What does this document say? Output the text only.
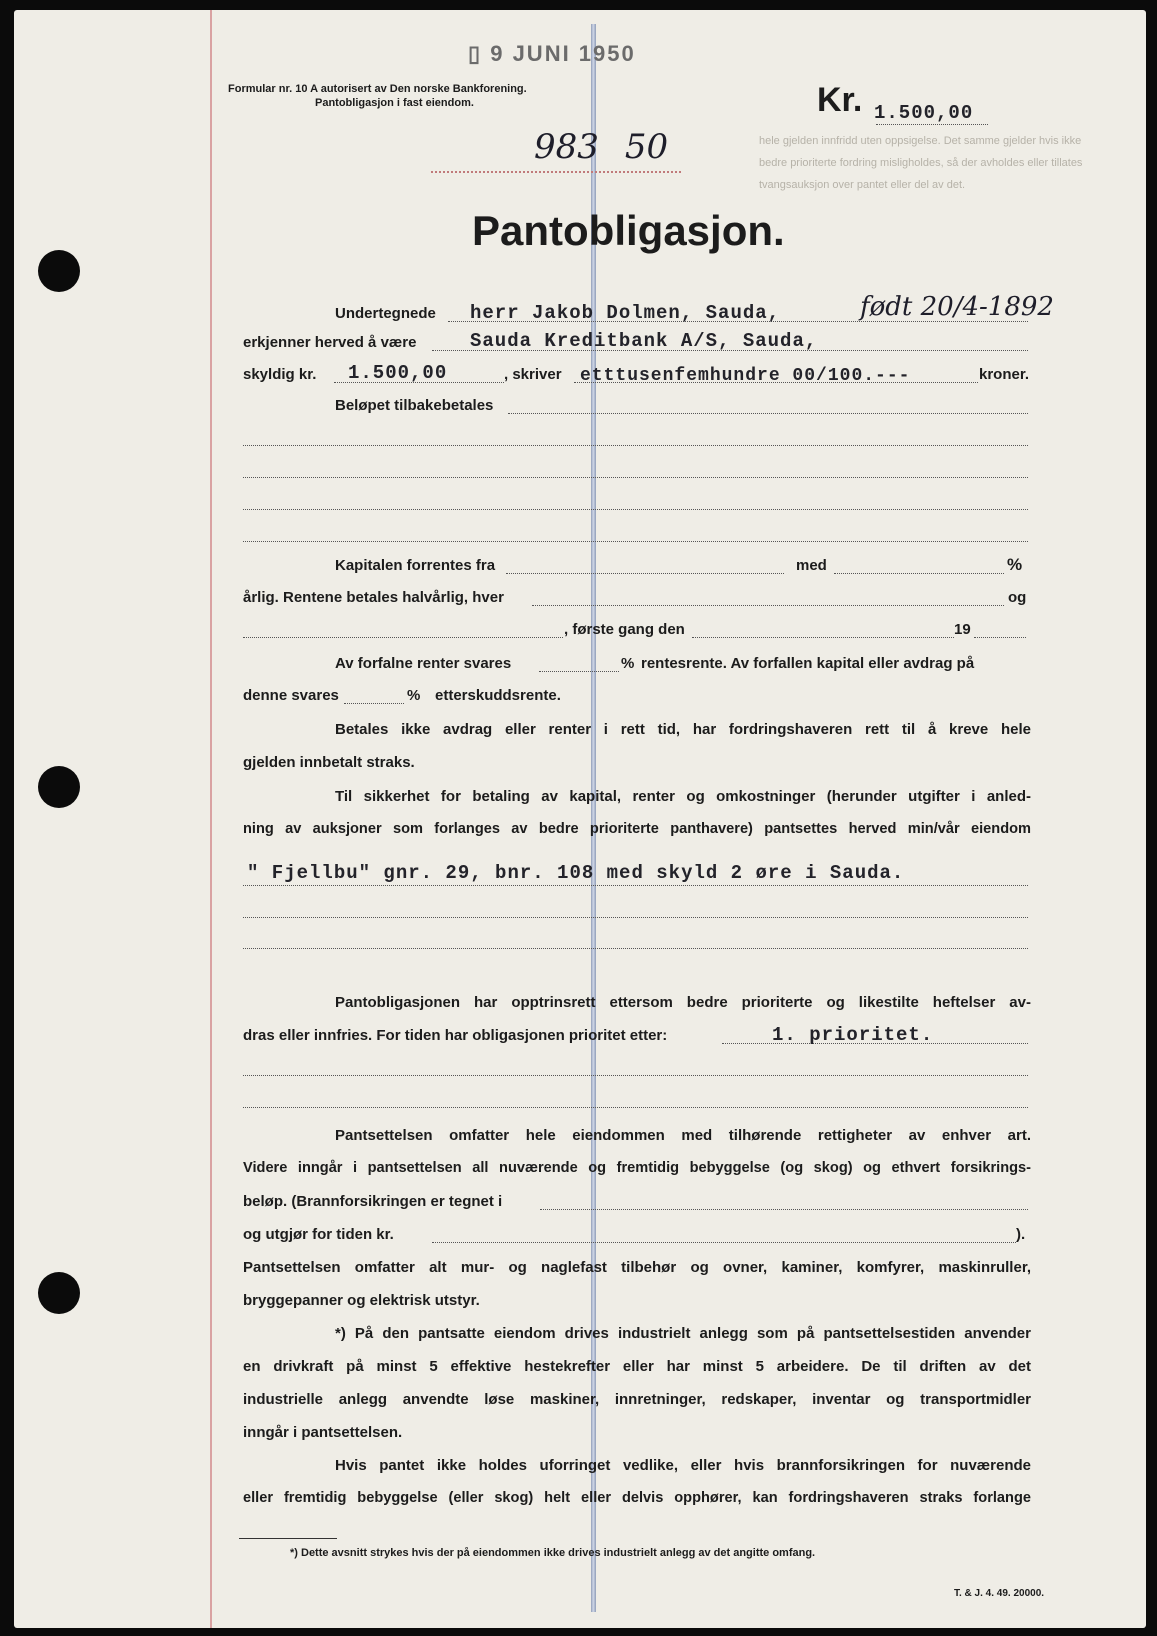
hele gjelden innfridd uten oppsigelse. Det samme gjelder hvis ikke bedre prioriterte fordring misligholdes, så der avholdes eller tillates tvangsauksjon over pantet eller del av det.
▯ 9 JUNI 1950
983 50
Formular nr. 10 A autorisert av Den norske Bankforening.
Pantobligasjon i fast eiendom.	Kr. 1.500,00
Pantobligasjon.
Undertegnede herr Jakob Dolmen, Sauda,	født 20/4-1892
erkjenner herved å være	Sauda Kreditbank A/S, Sauda,
skyldig kr. 1.500,00	, skriver etttusenfemhundre 00/100.---	kroner.
Beløpet tilbakebetales
Kapitalen forrentes fra	med	%
årlig. Rentene betales halvårlig, hver	og
, første gang den	19
Av forfalne renter svares	% rentesrente. Av forfallen kapital eller avdrag på
denne svares	% etterskuddsrente.
Betales ikke avdrag eller renter i rett tid, har fordringshaveren rett til å kreve hele
gjelden innbetalt straks.
Til sikkerhet for betaling av kapital, renter og omkostninger (herunder utgifter i anled-
ning av auksjoner som forlanges av bedre prioriterte panthavere) pantsettes herved min/vår eiendom
" Fjellbu" gnr. 29, bnr. 108 med skyld 2 øre i Sauda.
Pantobligasjonen har opptrinsrett ettersom bedre prioriterte og likestilte heftelser av-
dras eller innfries. For tiden har obligasjonen prioritet etter:	1. prioritet.
Pantsettelsen omfatter hele eiendommen med tilhørende rettigheter av enhver art.
Videre inngår i pantsettelsen all nuværende og fremtidig bebyggelse (og skog) og ethvert forsikrings-
beløp. (Brannforsikringen er tegnet i
og utgjør for tiden kr.	).
Pantsettelsen omfatter alt mur- og naglefast tilbehør og ovner, kaminer, komfyrer, maskinruller,
bryggepanner og elektrisk utstyr.
*) På den pantsatte eiendom drives industrielt anlegg som på pantsettelsestiden anvender
en drivkraft på minst 5 effektive hestekrefter eller har minst 5 arbeidere. De til driften av det
industrielle anlegg anvendte løse maskiner, innretninger, redskaper, inventar og transportmidler
inngår i pantsettelsen.
Hvis pantet ikke holdes uforringet vedlike, eller hvis brannforsikringen for nuværende
eller fremtidig bebyggelse (eller skog) helt eller delvis opphører, kan fordringshaveren straks forlange
*) Dette avsnitt strykes hvis der på eiendommen ikke drives industrielt anlegg av det angitte omfang.
T. & J. 4. 49. 20000.
